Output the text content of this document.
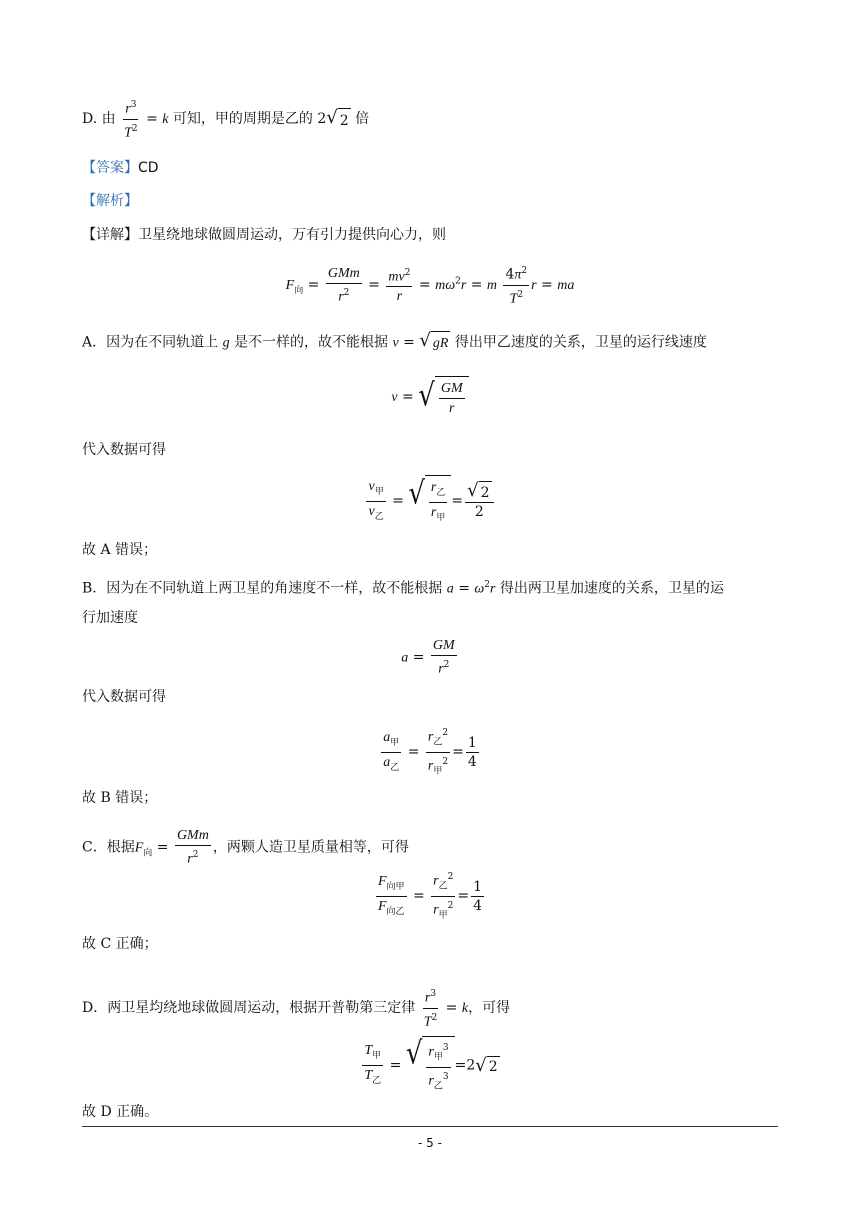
D. 由 $\frac{r^3}{T^2} = k$ 可知，甲的周期是乙的 2 √ 2 倍
【答案】CD
【解析】
【详解】卫星绕地球做圆周运动，万有引力提供向心力，则
$F_向 = \frac{\text{GMm}}{r^2} = \frac{mv^2}{r} = m\omega^2r = m \frac{4\pi^2}{T^2}$ r = ma
A．因为在不同轨道上 g 是不一样的，故不能根据 v = √ gR 得出甲乙速度的关系，卫星的运行线速度
v = √ $\frac{GM}{r}$
代入数据可得
$\frac{v_甲}{v_乙}$ = √ $\frac{r_乙}{r_甲} = \frac{√ 2}{2}$
故 A 错误；
B．因为在不同轨道上两卫星的角速度不一样，故不能根据 $a = \omega^2r$ 得出两卫星加速度的关系，卫星的运
行加速度
$a = \frac{GM}{r^2}$
代入数据可得
$\frac{a_甲}{a_乙} = \frac{r_乙^2}{r_甲^2} = \frac{1}{4}$
故 B 错误；
C．根据$F_向 = \frac{\text{GMm}}{r^2}$ ，两颗人造卫星质量相等，可得
$\frac{F_{向甲}}{F_{向乙}} = \frac{r_乙^2}{r_甲^2} = \frac{1}{4}$
故 C 正确；
D．两卫星均绕地球做圆周运动，根据开普勒第三定律 $\frac{r^3}{T^2} = k$，可得
$\frac{T_甲}{T_乙}$ = √ $\frac{r_甲^3}{r_乙^3} =2$ √ 2
故 D 正确。
- 5 -
